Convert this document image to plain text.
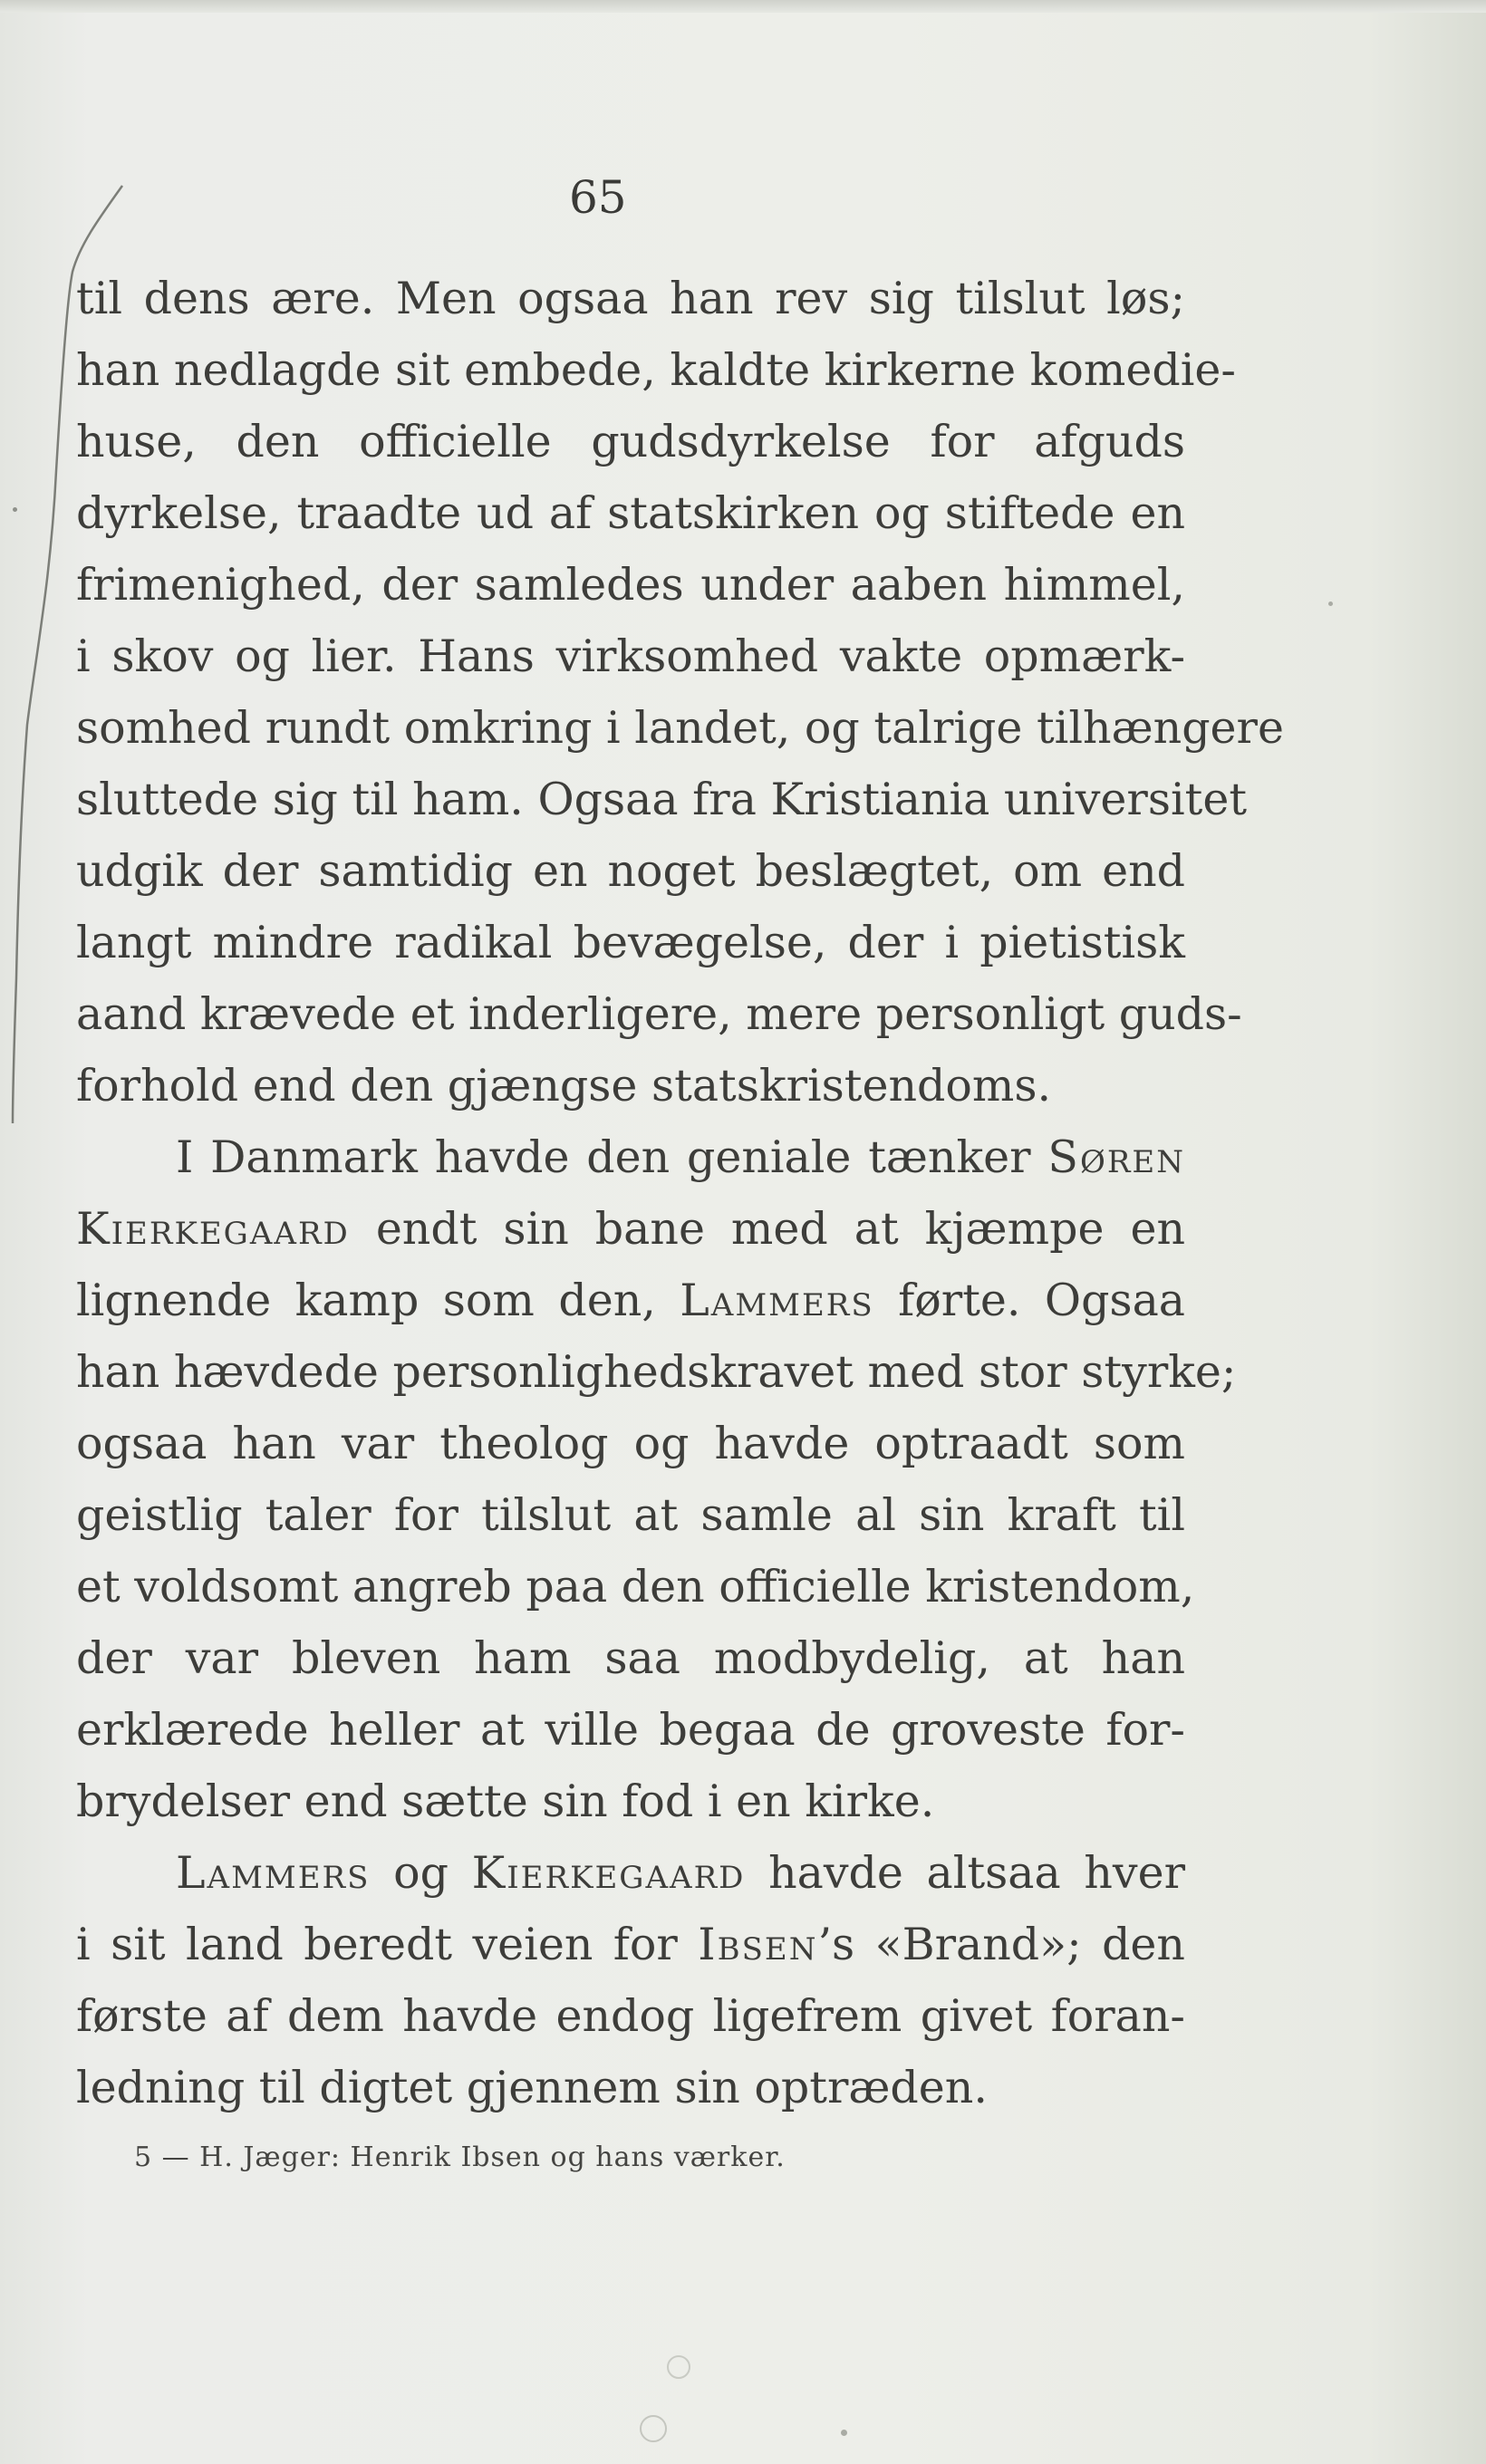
65
til dens ære. Men ogsaa han rev sig tilslut løs;
han nedlagde sit embede, kaldte kirkerne komedie-
huse, den officielle gudsdyrkelse for afguds
dyrkelse, traadte ud af statskirken og stiftede en
frimenighed, der samledes under aaben himmel,
i skov og lier. Hans virksomhed vakte opmærk-
somhed rundt omkring i landet, og talrige tilhængere
sluttede sig til ham. Ogsaa fra Kristiania universitet
udgik der samtidig en noget beslægtet, om end
langt mindre radikal bevægelse, der i pietistisk
aand krævede et inderligere, mere personligt guds-
forhold end den gjængse statskristendoms.
I Danmark havde den geniale tænker Søren
Kierkegaard endt sin bane med at kjæmpe en
lignende kamp som den, Lammers førte. Ogsaa
han hævdede personlighedskravet med stor styrke;
ogsaa han var theolog og havde optraadt som
geistlig taler for tilslut at samle al sin kraft til
et voldsomt angreb paa den officielle kristendom,
der var bleven ham saa modbydelig, at han
erklærede heller at ville begaa de groveste for-
brydelser end sætte sin fod i en kirke.
Lammers og Kierkegaard havde altsaa hver
i sit land beredt veien for Ibsen’s «Brand»; den
første af dem havde endog ligefrem givet foran-
ledning til digtet gjennem sin optræden.
5 — H. Jæger: Henrik Ibsen og hans værker.
